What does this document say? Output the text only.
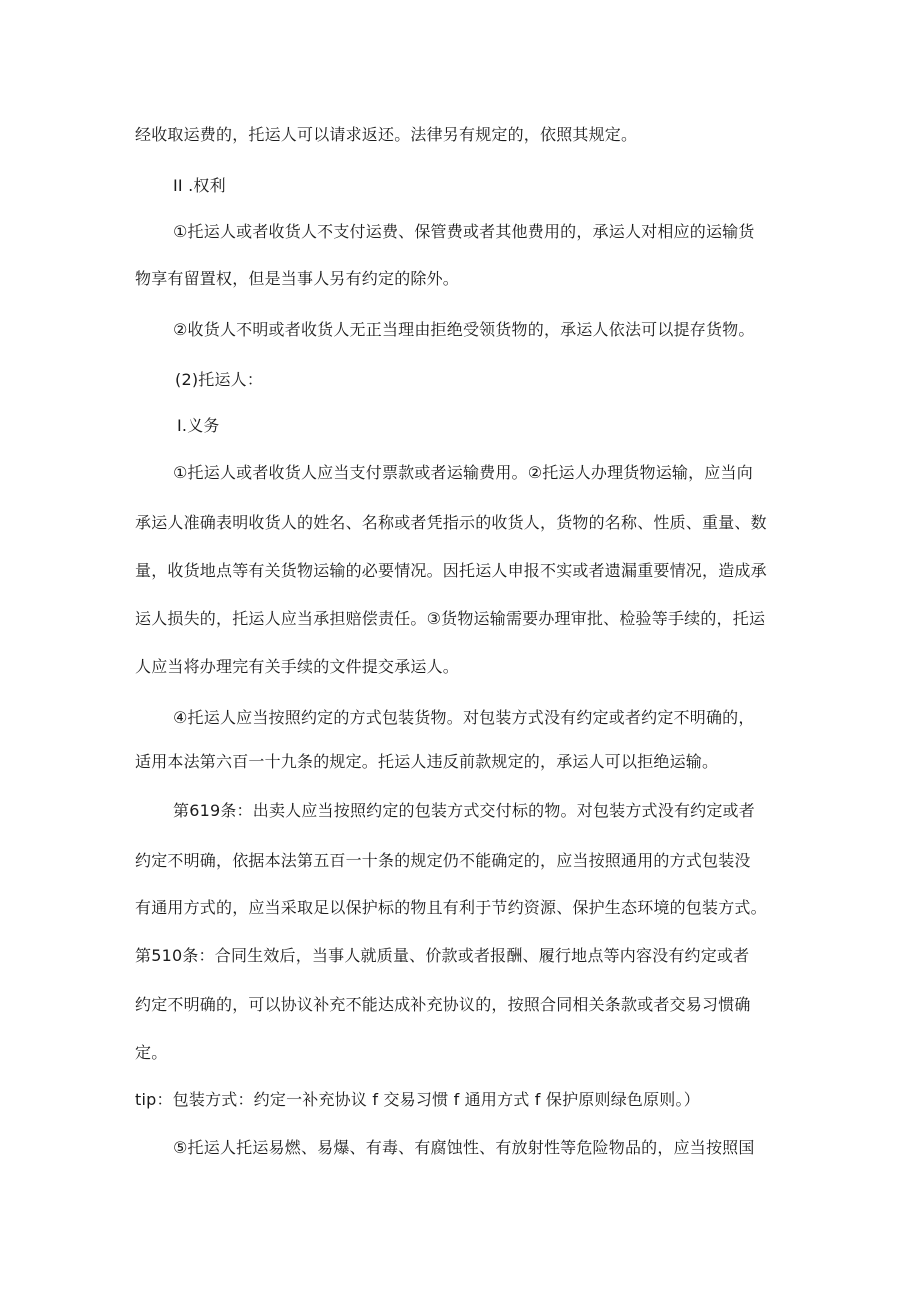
经收取运费的，托运人可以请求返还。法律另有规定的，依照其规定。
II .权利
①托运人或者收货人不支付运费、保管费或者其他费用的，承运人对相应的运输货
物享有留置权，但是当事人另有约定的除外。
②收货人不明或者收货人无正当理由拒绝受领货物的，承运人依法可以提存货物。
(2)托运人：
I.义务
①托运人或者收货人应当支付票款或者运输费用。②托运人办理货物运输，应当向
承运人准确表明收货人的姓名、名称或者凭指示的收货人，货物的名称、性质、重量、数
量，收货地点等有关货物运输的必要情况。因托运人申报不实或者遗漏重要情况，造成承
运人损失的，托运人应当承担赔偿责任。③货物运输需要办理审批、检验等手续的，托运
人应当将办理完有关手续的文件提交承运人。
④托运人应当按照约定的方式包装货物。对包装方式没有约定或者约定不明确的，
适用本法第六百一十九条的规定。托运人违反前款规定的，承运人可以拒绝运输。
第619条：出卖人应当按照约定的包装方式交付标的物。对包装方式没有约定或者
约定不明确，依据本法第五百一十条的规定仍不能确定的，应当按照通用的方式包装没
有通用方式的，应当采取足以保护标的物且有利于节约资源、保护生态环境的包装方式。
第510条：合同生效后，当事人就质量、价款或者报酬、履行地点等内容没有约定或者
约定不明确的，可以协议补充不能达成补充协议的，按照合同相关条款或者交易习惯确
定。
tip：包装方式：约定一补充协议 f 交易习惯 f 通用方式 f 保护原则绿色原则。）
⑤托运人托运易燃、易爆、有毒、有腐蚀性、有放射性等危险物品的，应当按照国
